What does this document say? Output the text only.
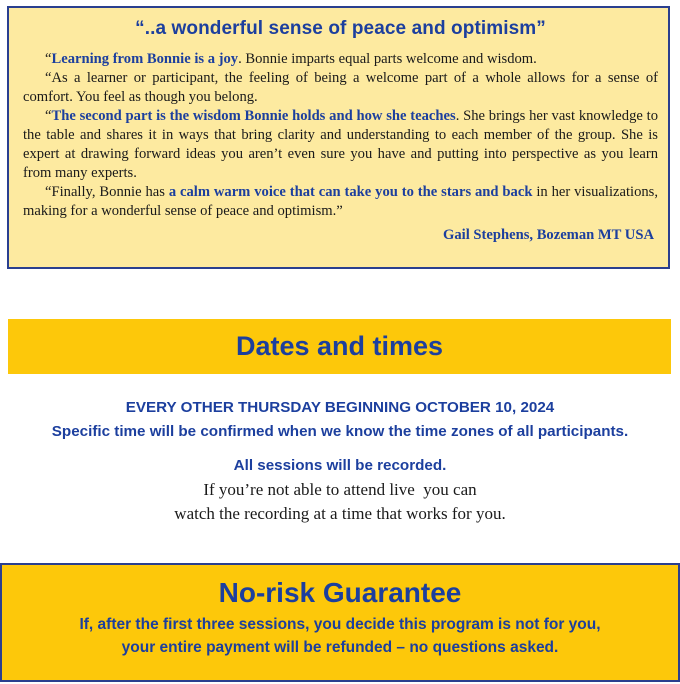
“..a wonderful sense of peace and optimism”

“Learning from Bonnie is a joy. Bonnie imparts equal parts welcome and wisdom.

“As a learner or participant, the feeling of being a welcome part of a whole allows for a sense of comfort. You feel as though you belong.

“The second part is the wisdom Bonnie holds and how she teaches. She brings her vast knowledge to the table and shares it in ways that bring clarity and understanding to each member of the group. She is expert at drawing forward ideas you aren’t even sure you have and putting into perspective as you learn from many experts.

“Finally, Bonnie has a calm warm voice that can take you to the stars and back in her visualizations, making for a wonderful sense of peace and optimism.”

Gail Stephens, Bozeman MT USA
Dates and times
EVERY OTHER THURSDAY BEGINNING OCTOBER 10, 2024
Specific time will be confirmed when we know the time zones of all participants.
All sessions will be recorded.
If you’re not able to attend live  you can
watch the recording at a time that works for you.
No-risk Guarantee
If, after the first three sessions, you decide this program is not for you,
your entire payment will be refunded – no questions asked.
